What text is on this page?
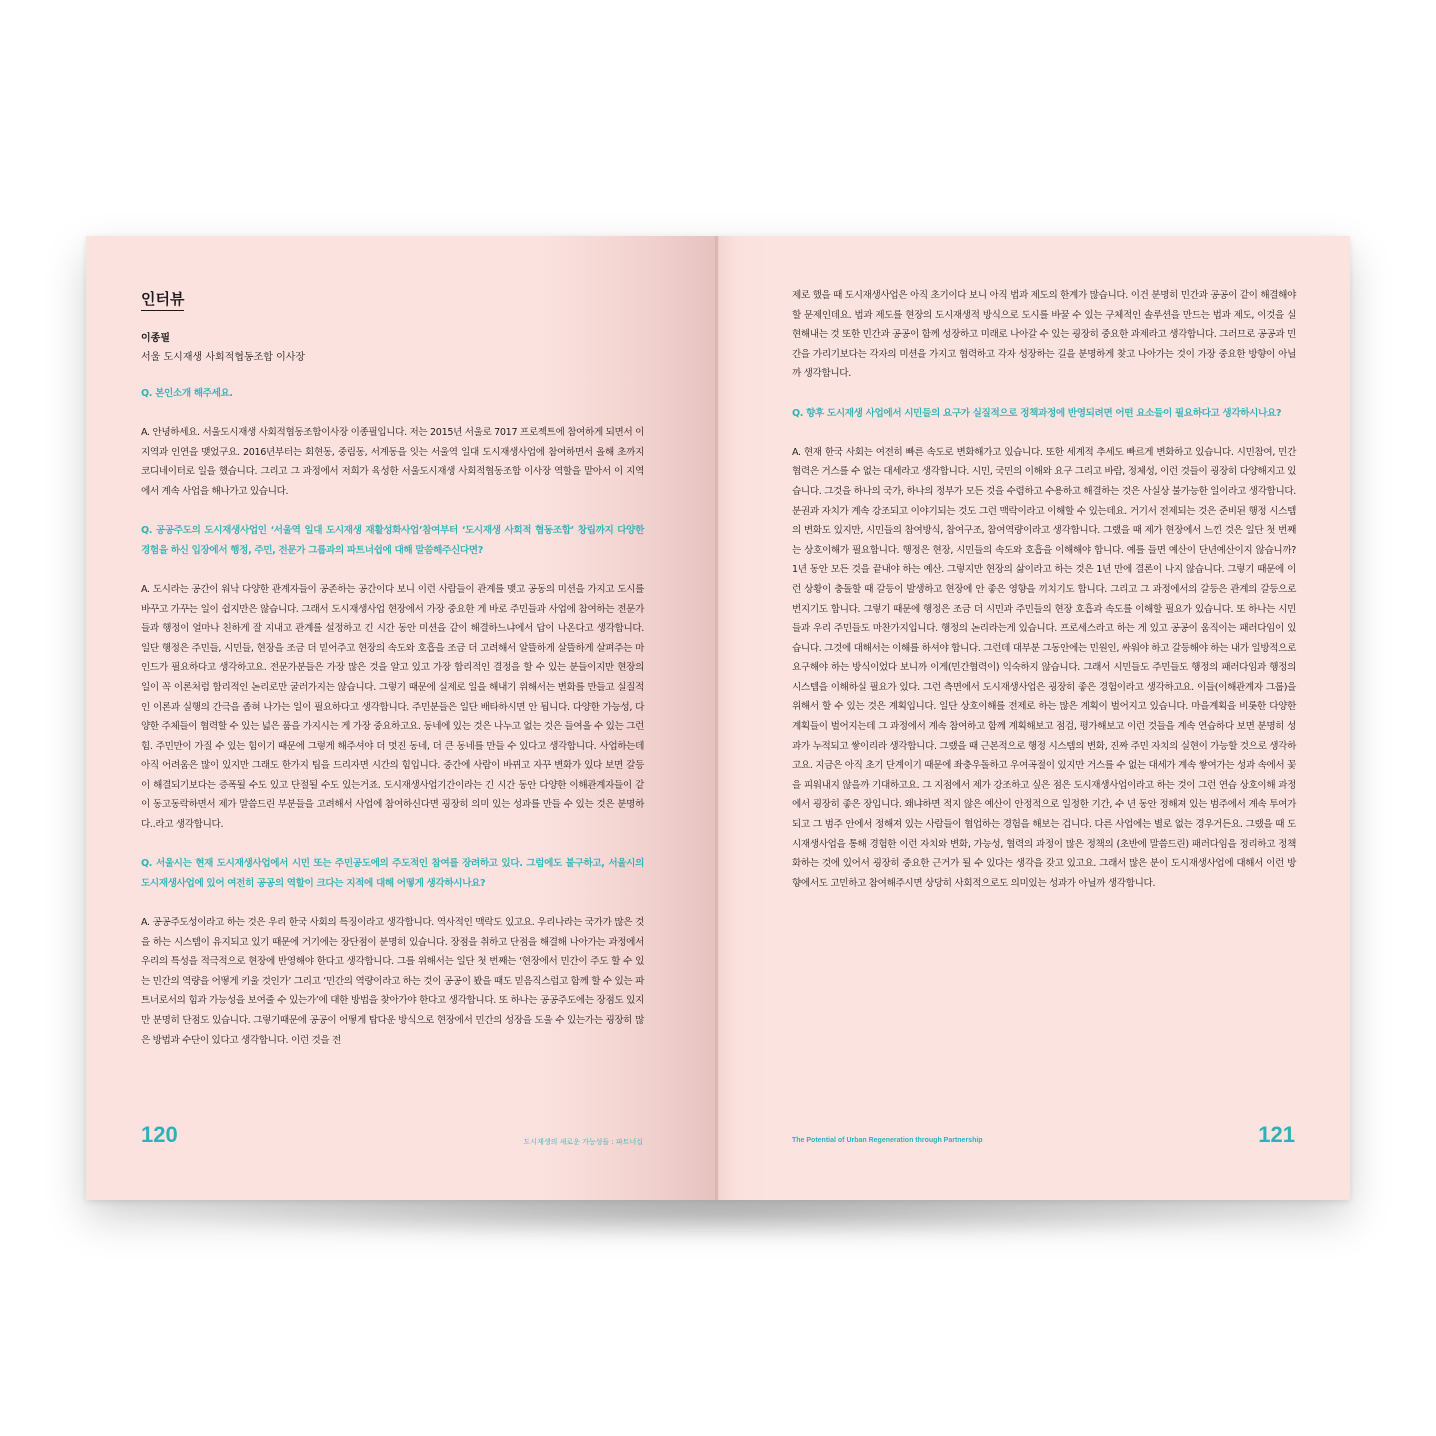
인터뷰
이종필
서울 도시재생 사회적협동조합 이사장

Q. 본인소개 해주세요.

A. 안녕하세요. 서울도시재생 사회적협동조합이사장 이종필입니다. 저는 2015년 서울로 7017 프로젝트에 참여하게 되면서 이 지역과 인연을 맺었구요. 2016년부터는 회현동, 중림동, 서계동을 잇는 서울역 일대 도시재생사업에 참여하면서 올해 초까지 코디네이터로 일을 했습니다. 그리고 그 과정에서 저희가 육성한 서울도시재생 사회적협동조합 이사장 역할을 맡아서 이 지역에서 계속 사업을 해나가고 있습니다.

Q. 공공주도의 도시재생사업인 ‘서울역 일대 도시재생 재활성화사업’참여부터 ‘도시재생 사회적 협동조합’ 창립까지 다양한 경험을 하신 입장에서 행정, 주민, 전문가 그룹과의 파트너쉽에 대해 말씀해주신다면?

A. 도시라는 공간이 워낙 다양한 관계자들이 공존하는 공간이다 보니 이런 사람들이 관계를 맺고 공동의 미션을 가지고 도시를 바꾸고 가꾸는 일이 쉽지만은 않습니다. 그래서 도시재생사업 현장에서 가장 중요한 게 바로 주민들과 사업에 참여하는 전문가들과 행정이 얼마나 친하게 잘 지내고 관계를 설정하고 긴 시간 동안 미션을 같이 해결하느냐에서 답이 나온다고 생각합니다. 일단 행정은 주민들, 시민들, 현장을 조금 더 믿어주고 현장의 속도와 호흡을 조금 더 고려해서 알뜰하게 살뜰하게 살펴주는 마인드가 필요하다고 생각하고요. 전문가분들은 가장 많은 것을 알고 있고 가장 합리적인 결정을 할 수 있는 분들이지만 현장의 일이 꼭 이론처럼 합리적인 논리로만 굴러가지는 않습니다. 그렇기 때문에 실제로 일을 해내기 위해서는 변화를 만들고 실질적인 이론과 실행의 간극을 좁혀 나가는 일이 필요하다고 생각합니다. 주민분들은 일단 배타하시면 안 됩니다. 다양한 가능성, 다양한 주체들이 협력할 수 있는 넓은 품을 가지시는 게 가장 중요하고요. 동네에 있는 것은 나누고 없는 것은 들여올 수 있는 그런 힘. 주민만이 가질 수 있는 힘이기 때문에 그렇게 해주셔야 더 멋진 동네, 더 큰 동네를 만들 수 있다고 생각합니다. 사업하는데 아직 어려움은 많이 있지만 그래도 한가지 팁을 드리자면 시간의 힘입니다. 중간에 사람이 바뀌고 자꾸 변화가 있다 보면 갈등이 해결되기보다는 증폭될 수도 있고 단절될 수도 있는거죠. 도시재생사업기간이라는 긴 시간 동안 다양한 이해관계자들이 같이 동고동락하면서 제가 말씀드린 부분들을 고려해서 사업에 참여하신다면 굉장히 의미 있는 성과를 만들 수 있는 것은 분명하다..라고 생각합니다.

Q. 서울시는 현재 도시재생사업에서 시민 또는 주민공도에의 주도적인 참여를 장려하고 있다. 그럼에도 불구하고, 서울시의 도시재생사업에 있어 여전히 공공의 역할이 크다는 지적에 대해 어떻게 생각하시나요?

A. 공공주도성이라고 하는 것은 우리 한국 사회의 특징이라고 생각합니다. 역사적인 맥락도 있고요. 우리나라는 국가가 많은 것을 하는 시스템이 유지되고 있기 때문에 거기에는 장단점이 분명히 있습니다. 장점을 취하고 단점을 해결해 나아가는 과정에서 우리의 특성을 적극적으로 현장에 반영해야 한다고 생각합니다. 그를 위해서는 일단 첫 번째는 ‘현장에서 민간이 주도 할 수 있는 민간의 역량을 어떻게 키울 것인가’ 그리고 ‘민간의 역량이라고 하는 것이 공공이 봤을 때도 믿음직스럽고 함께 할 수 있는 파트너로서의 힘과 가능성을 보여줄 수 있는가’에 대한 방법을 찾아가야 한다고 생각합니다. 또 하나는 공공주도에는 장점도 있지만 분명히 단점도 있습니다. 그렇기때문에 공공이 어떻게 탑다운 방식으로 현장에서 민간의 성장을 도울 수 있는가는 굉장히 많은 방법과 수단이 있다고 생각합니다. 이런 것을 전

120	도시재생의 새로운 가능성들 : 파트너십

제로 했을 때 도시재생사업은 아직 초기이다 보니 아직 법과 제도의 한계가 많습니다. 이건 분명히 민간과 공공이 같이 해결해야 할 문제인데요. 법과 제도를 현장의 도시재생적 방식으로 도시를 바꿀 수 있는 구체적인 솔루션을 만드는 법과 제도, 이것을 실현해내는 것 또한 민간과 공공이 함께 성장하고 미래로 나아갈 수 있는 굉장히 중요한 과제라고 생각합니다. 그러므로 공공과 민간을 가리기보다는 각자의 미션을 가지고 협력하고 각자 성장하는 길을 분명하게 찾고 나아가는 것이 가장 중요한 방향이 아닐까 생각합니다.

Q. 향후 도시재생 사업에서 시민들의 요구가 실질적으로 정책과정에 반영되려면 어떤 요소들이 필요하다고 생각하시나요?

A. 현재 한국 사회는 여전히 빠른 속도로 변화해가고 있습니다. 또한 세계적 추세도 빠르게 변화하고 있습니다. 시민참여, 민간협력은 거스를 수 없는 대세라고 생각합니다. 시민, 국민의 이해와 요구 그리고 바람, 정체성, 이런 것들이 굉장히 다양해지고 있습니다. 그것을 하나의 국가, 하나의 정부가 모든 것을 수렴하고 수용하고 해결하는 것은 사실상 불가능한 일이라고 생각합니다. 분권과 자치가 계속 강조되고 이야기되는 것도 그런 맥락이라고 이해할 수 있는데요. 거기서 전제되는 것은 준비된 행정 시스템의 변화도 있지만, 시민들의 참여방식, 참여구조, 참여역량이라고 생각합니다. 그랬을 때 제가 현장에서 느낀 것은 일단 첫 번째는 상호이해가 필요합니다. 행정은 현장, 시민들의 속도와 호흡을 이해해야 합니다. 예를 들면 예산이 단년예산이지 않습니까? 1년 동안 모든 것을 끝내야 하는 예산. 그렇지만 현장의 삶이라고 하는 것은 1년 만에 결론이 나지 않습니다. 그렇기 때문에 이런 상황이 충돌할 때 갈등이 발생하고 현장에 안 좋은 영향을 끼치기도 합니다. 그리고 그 과정에서의 갈등은 관계의 갈등으로 번지기도 합니다. 그렇기 때문에 행정은 조금 더 시민과 주민들의 현장 호흡과 속도를 이해할 필요가 있습니다. 또 하나는 시민들과 우리 주민들도 마찬가지입니다. 행정의 논리라는게 있습니다. 프로세스라고 하는 게 있고 공공이 움직이는 패러다임이 있습니다. 그것에 대해서는 이해를 하셔야 합니다. 그런데 대부분 그동안에는 민원인, 싸워야 하고 갈등해야 하는 내가 일방적으로 요구해야 하는 방식이었다 보니까 이게(민간협력이) 익숙하지 않습니다. 그래서 시민들도 주민들도 행정의 패러다임과 행정의 시스템을 이해하실 필요가 있다. 그런 측면에서 도시재생사업은 굉장히 좋은 경험이라고 생각하고요. 이들(이해관계자 그룹)을 위해서 할 수 있는 것은 계획입니다. 일단 상호이해를 전제로 하는 많은 계획이 벌어지고 있습니다. 마을계획을 비롯한 다양한 계획들이 벌어지는데 그 과정에서 계속 참여하고 함께 계획해보고 점검, 평가해보고 이런 것들을 계속 연습하다 보면 분명히 성과가 누적되고 쌓이리라 생각합니다. 그랬을 때 근본적으로 행정 시스템의 변화, 진짜 주민 자치의 실현이 가능할 것으로 생각하고요. 지금은 아직 초기 단계이기 때문에 좌충우돌하고 우여곡절이 있지만 거스를 수 없는 대세가 계속 쌓여가는 성과 속에서 꽃을 피워내지 않을까 기대하고요. 그 지점에서 제가 강조하고 싶은 점은 도시재생사업이라고 하는 것이 그런 연습 상호이해 과정에서 굉장히 좋은 장입니다. 왜냐하면 적지 않은 예산이 안정적으로 일정한 기간, 수 년 동안 정해져 있는 범주에서 계속 투여가 되고 그 범주 안에서 정해져 있는 사람들이 협업하는 경험을 해보는 겁니다. 다른 사업에는 별로 없는 경우거든요. 그랬을 때 도시재생사업을 통해 경험한 이런 자치와 변화, 가능성, 협력의 과정이 많은 정책의 (초반에 말씀드린) 패러다임을 정리하고 정책화하는 것에 있어서 굉장히 중요한 근거가 될 수 있다는 생각을 갖고 있고요. 그래서 많은 분이 도시재생사업에 대해서 이런 방향에서도 고민하고 참여해주시면 상당히 사회적으로도 의미있는 성과가 아닐까 생각합니다.

The Potential of Urban Regeneration through Partnership	121
